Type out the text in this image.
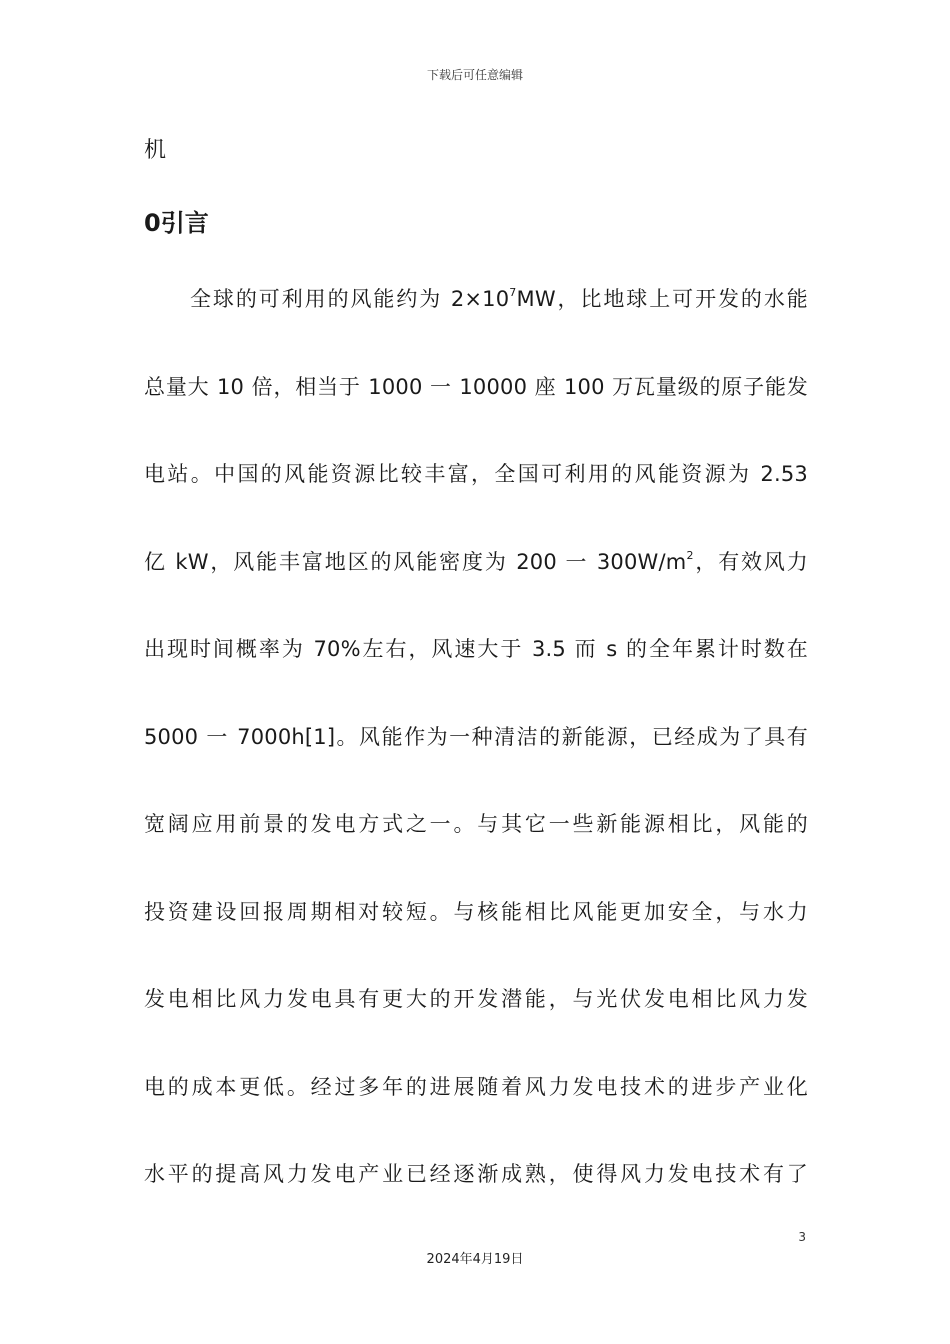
下载后可任意编辑
机
0引言
全球的可利用的风能约为 $2\times 10^7MW$，比地球上可开发的水能
总量大 10 倍，相当于 1000 一 10000 座 100 万瓦量级的原子能发
电站。中国的风能资源比较丰富，全国可利用的风能资源为 2.53
亿 kW，风能丰富地区的风能密度为 200 一 $300W/m^2$，有效风力
出现时间概率为 70%左右，风速大于 3.5 而 s 的全年累计时数在
5000 一 7000h[1]。风能作为一种清洁的新能源，已经成为了具有
宽阔应用前景的发电方式之一。与其它一些新能源相比，风能的
投资建设回报周期相对较短。与核能相比风能更加安全，与水力
发电相比风力发电具有更大的开发潜能，与光伏发电相比风力发
电的成本更低。经过多年的进展随着风力发电技术的进步产业化
水平的提高风力发电产业已经逐渐成熟，使得风力发电技术有了
3
2024年4月19日
